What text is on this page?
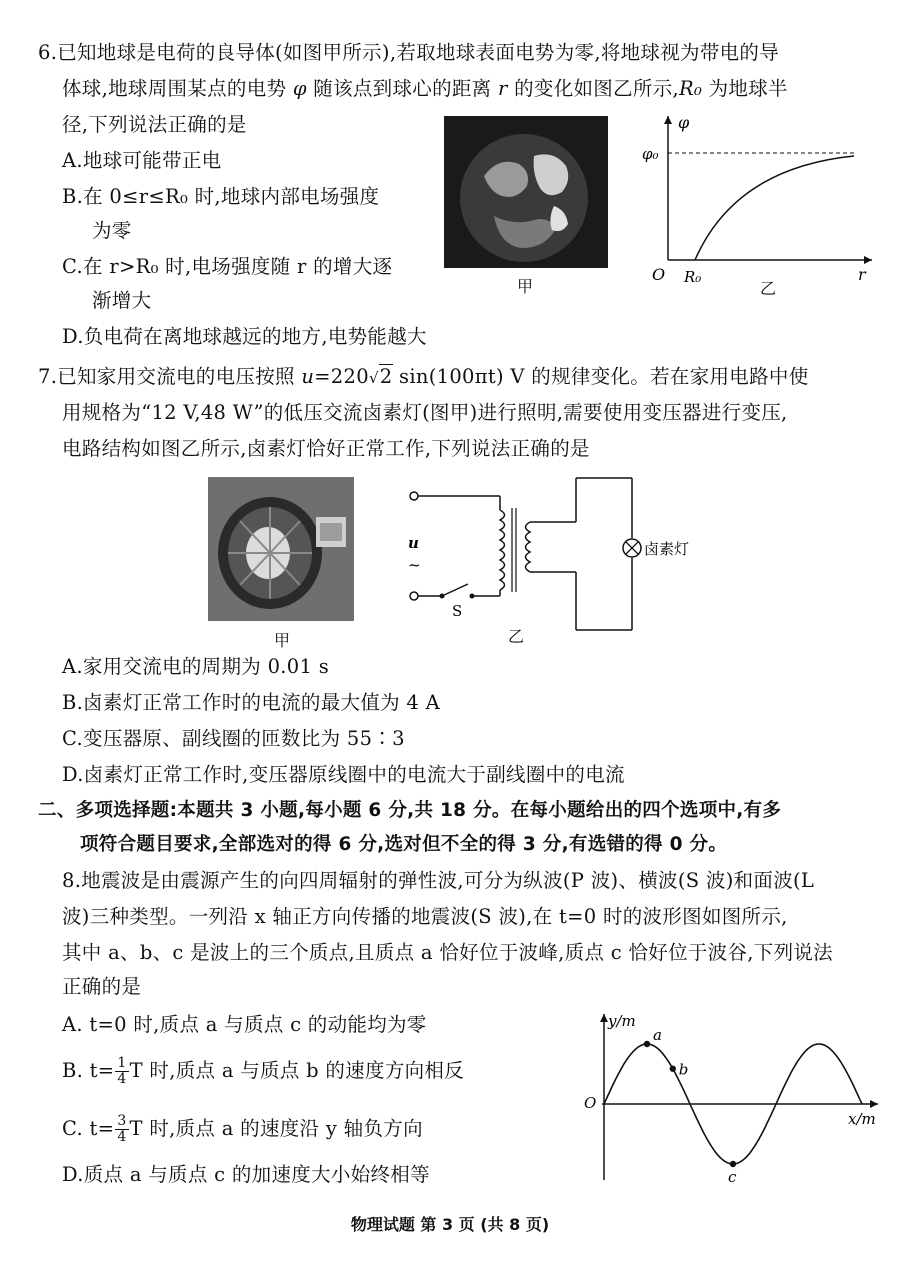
6.已知地球是电荷的良导体(如图甲所示),若取地球表面电势为零,将地球视为带电的导
体球,地球周围某点的电势 φ 随该点到球心的距离 r 的变化如图乙所示,R₀ 为地球半
径,下列说法正确的是
A.地球可能带正电
B.在 0≤r≤R₀ 时,地球内部电场强度
为零
C.在 r>R₀ 时,电场强度随 r 的增大逐
渐增大
D.负电荷在离地球越远的地方,电势能越大
甲
φ
φ₀
O R₀	r
乙
7.已知家用交流电的电压按照 u=220√2 sin(100πt) V 的规律变化。若在家用电路中使
用规格为“12 V,48 W”的低压交流卤素灯(图甲)进行照明,需要使用变压器进行变压,
电路结构如图乙所示,卤素灯恰好正常工作,下列说法正确的是
甲
卤素灯
u
~
S
乙
A.家用交流电的周期为 0.01 s
B.卤素灯正常工作时的电流的最大值为 4 A
C.变压器原、副线圈的匝数比为 55∶3
D.卤素灯正常工作时,变压器原线圈中的电流大于副线圈中的电流
二、多项选择题:本题共 3 小题,每小题 6 分,共 18 分。在每小题给出的四个选项中,有多
项符合题目要求,全部选对的得 6 分,选对但不全的得 3 分,有选错的得 0 分。
8.地震波是由震源产生的向四周辐射的弹性波,可分为纵波(P 波)、横波(S 波)和面波(L
波)三种类型。一列沿 x 轴正方向传播的地震波(S 波),在 t=0 时的波形图如图所示,
其中 a、b、c 是波上的三个质点,且质点 a 恰好位于波峰,质点 c 恰好位于波谷,下列说法
正确的是
A. t=0 时,质点 a 与质点 c 的动能均为零
B. $t= \frac{1}{4}$ T 时,质点 a 与质点 b 的速度方向相反
C. $t= \frac{3}{4}$ T 时,质点 a 的速度沿 y 轴负方向
D.质点 a 与质点 c 的加速度大小始终相等
a
b
c
y/m
x/m
O
物理试题 第 3 页 (共 8 页)
